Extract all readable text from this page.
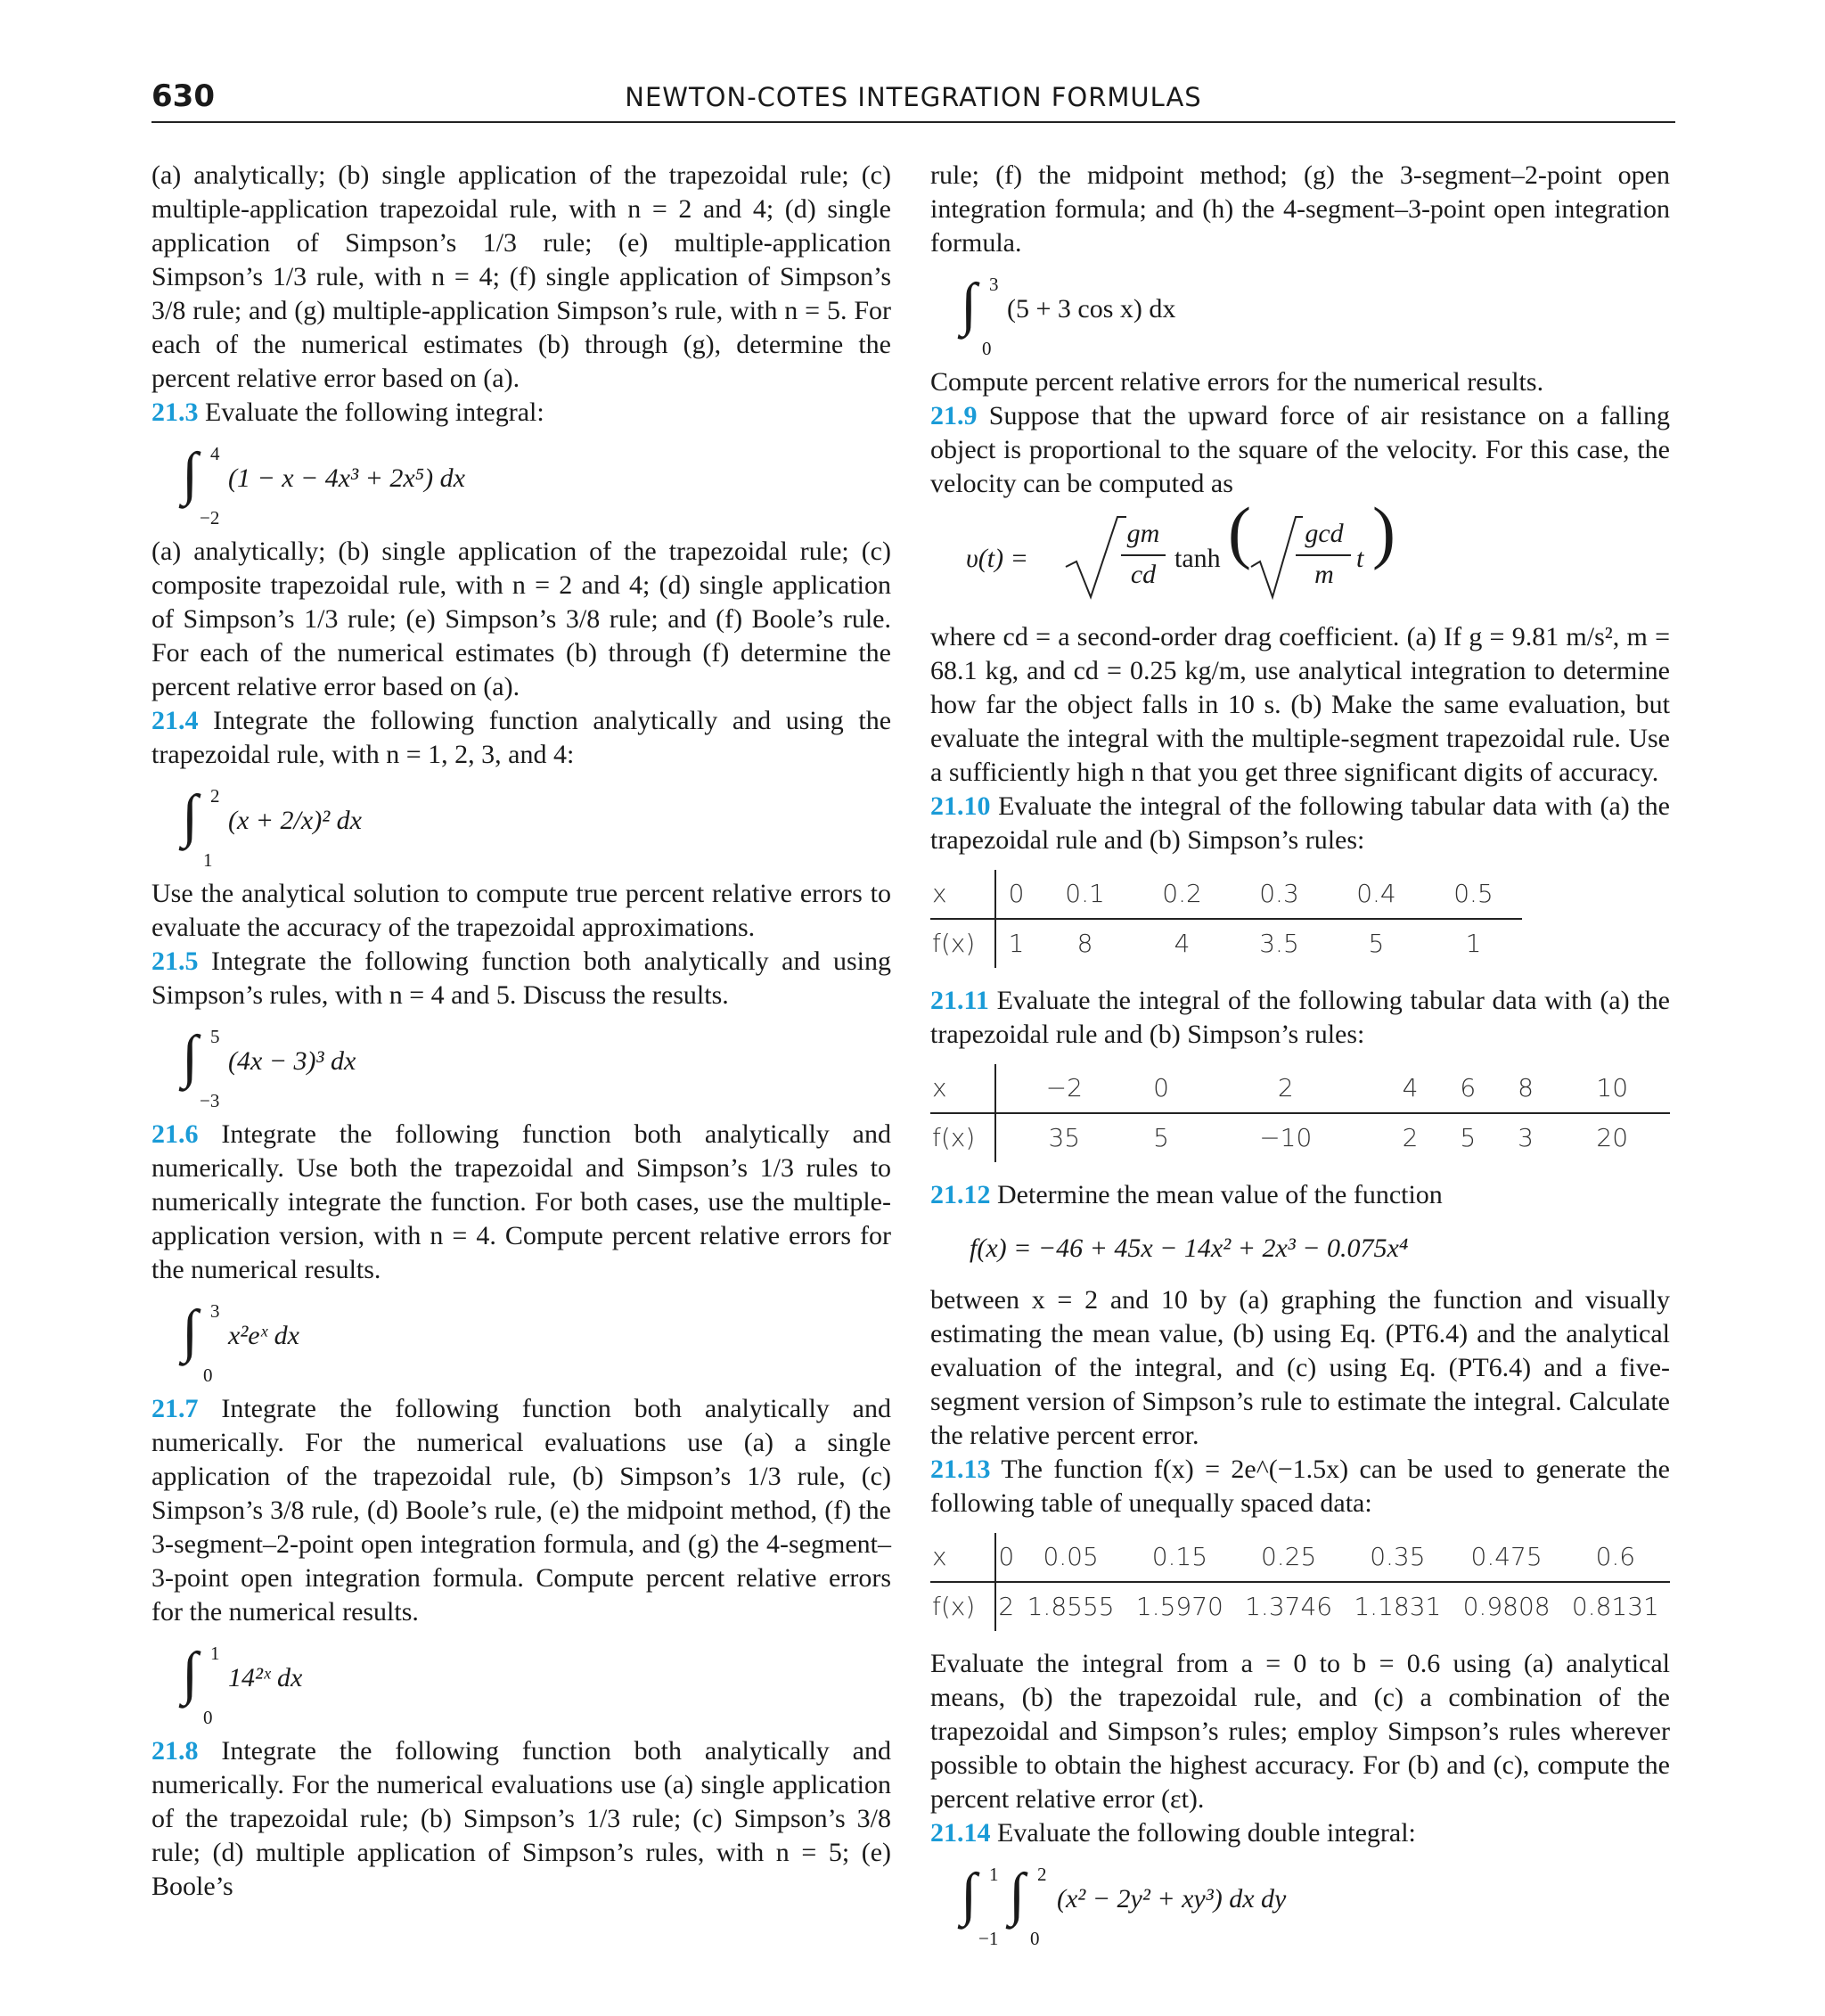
630	NEWTON-COTES INTEGRATION FORMULAS

(a) analytically; (b) single application of the trapezoidal rule; (c) multiple-application trapezoidal rule, with n = 2 and 4; (d) single application of Simpson’s 1/3 rule; (e) multiple-application Simpson’s 1/3 rule, with n = 4; (f) single application of Simpson’s 3/8 rule; and (g) multiple-application Simpson’s rule, with n = 5. For each of the numerical estimates (b) through (g), determine the percent relative error based on (a).

21.3 Evaluate the following integral:

∫ 4
−2
(1 − x − 4x³ + 2x⁵) dx

(a) analytically; (b) single application of the trapezoidal rule; (c) composite trapezoidal rule, with n = 2 and 4; (d) single application of Simpson’s 1/3 rule; (e) Simpson’s 3/8 rule; and (f) Boole’s rule. For each of the numerical estimates (b) through (f) determine the percent relative error based on (a).

21.4 Integrate the following function analytically and using the trapezoidal rule, with n = 1, 2, 3, and 4:

∫ 2
1
(x + 2/x)² dx

Use the analytical solution to compute true percent relative errors to evaluate the accuracy of the trapezoidal approximations.

21.5 Integrate the following function both analytically and using Simpson’s rules, with n = 4 and 5. Discuss the results.

∫ 5
−3
(4x − 3)³ dx

21.6 Integrate the following function both analytically and numerically. Use both the trapezoidal and Simpson’s 1/3 rules to numerically integrate the function. For both cases, use the multiple-application version, with n = 4. Compute percent relative errors for the numerical results.

∫ 3
0
x²eˣ dx

21.7 Integrate the following function both analytically and numerically. For the numerical evaluations use (a) a single application of the trapezoidal rule, (b) Simpson’s 1/3 rule, (c) Simpson’s 3/8 rule, (d) Boole’s rule, (e) the midpoint method, (f) the 3-segment–2-point open integration formula, and (g) the 4-segment–3-point open integration formula. Compute percent relative errors for the numerical results.

∫ 1
0
14²ˣ dx

21.8 Integrate the following function both analytically and numerically. For the numerical evaluations use (a) single application of the trapezoidal rule; (b) Simpson’s 1/3 rule; (c) Simpson’s 3/8 rule; (d) multiple application of Simpson’s rules, with n = 5; (e) Boole’s

rule; (f) the midpoint method; (g) the 3-segment–2-point open integration formula; and (h) the 4-segment–3-point open integration formula.

∫ 3
0
(5 + 3 cos x) dx

Compute percent relative errors for the numerical results.

21.9 Suppose that the upward force of air resistance on a falling object is proportional to the square of the velocity. For this case, the velocity can be computed as

υ(t) =
gm
cd
tanh ( gcd
m
t )

where cd = a second-order drag coefficient. (a) If g = 9.81 m/s², m = 68.1 kg, and cd = 0.25 kg/m, use analytical integration to determine how far the object falls in 10 s. (b) Make the same evaluation, but evaluate the integral with the multiple-segment trapezoidal rule. Use a sufficiently high n that you get three significant digits of accuracy.

21.10 Evaluate the integral of the following tabular data with (a) the trapezoidal rule and (b) Simpson’s rules:

x	0	0.1	0.2	0.3	0.4	0.5
f(x)	1	8	4	3.5	5	1

21.11 Evaluate the integral of the following tabular data with (a) the trapezoidal rule and (b) Simpson’s rules:

x	−2	0	2	4	6	8	10
f(x)	35	5	−10	2	5	3	20

21.12 Determine the mean value of the function

f(x) = −46 + 45x − 14x² + 2x³ − 0.075x⁴

between x = 2 and 10 by (a) graphing the function and visually estimating the mean value, (b) using Eq. (PT6.4) and the analytical evaluation of the integral, and (c) using Eq. (PT6.4) and a five-segment version of Simpson’s rule to estimate the integral. Calculate the relative percent error.

21.13 The function f(x) = 2e^(−1.5x) can be used to generate the following table of unequally spaced data:

x	0	0.05	0.15	0.25	0.35	0.475	0.6
f(x)	2	1.8555	1.5970	1.3746	1.1831	0.9808	0.8131

Evaluate the integral from a = 0 to b = 0.6 using (a) analytical means, (b) the trapezoidal rule, and (c) a combination of the trapezoidal and Simpson’s rules; employ Simpson’s rules wherever possible to obtain the highest accuracy. For (b) and (c), compute the percent relative error (εt).

21.14 Evaluate the following double integral:

∫ 1
−1
∫ 2
0
(x² − 2y² + xy³) dx dy
